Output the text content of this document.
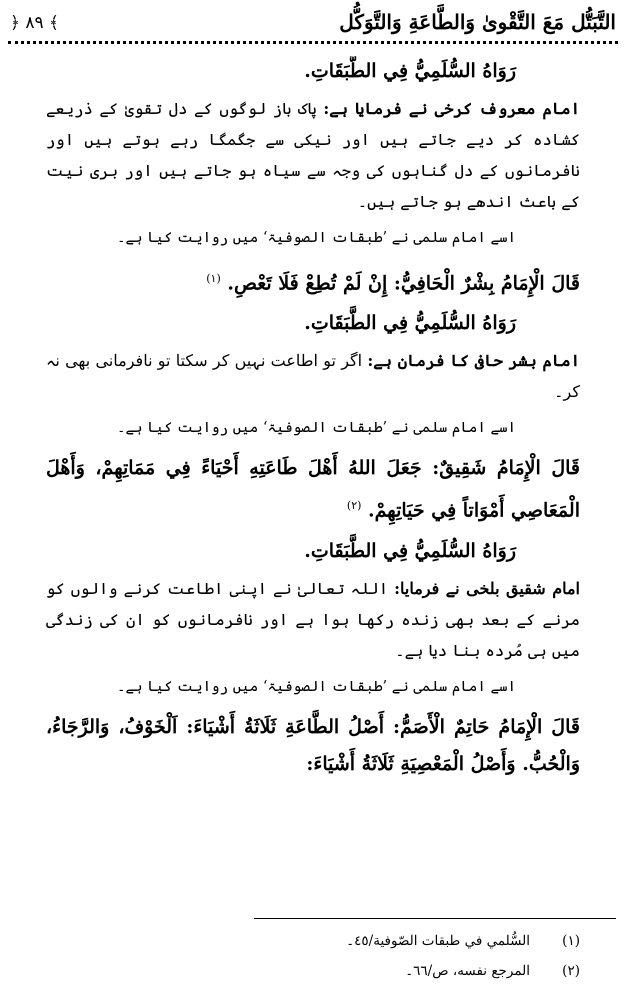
التَّبَتُّل مَعَ التَّقْوىٰ وَالطَّاعَةِ وَالتَّوَكُّل
﴾ ٨٩ ﴿

رَوَاهُ السُّلَمِيُّ فِي الطَّبَقَاتِ.

امام معروف کرخی نے فرمایا ہے: پاک باز لوگوں کے دل تقویٰ کے ذریعے کشادہ کر دیے جاتے ہیں اور نیکی سے جگمگا رہے ہوتے ہیں اور نافرمانوں کے دل گناہوں کی وجہ سے سیاہ ہو جاتے ہیں اور بری نیت کے باعث اندھے ہو جاتے ہیں۔

اسے امام سلمی نے ’طبقات الصوفیۃ‘ میں روایت کیا ہے۔

قَالَ الْإِمَامُ بِشْرٌ الْحَافِيُّ: إِنْ لَمْ تُطِعْ فَلَا تَعْصِ. $^{(١)}$

رَوَاهُ السُّلَمِيُّ فِي الطَّبَقَاتِ.

امام بشر حافی کا فرمان ہے: اگر تو اطاعت نہیں کر سکتا تو نافرمانی بھی نہ کر۔

اسے امام سلمی نے ’طبقات الصوفیۃ‘ میں روایت کیا ہے۔

قَالَ الْإِمَامُ شَقِيقٌ: جَعَلَ اللهُ أَهْلَ طَاعَتِهِ أَحْيَاءً فِي مَمَاتِهِمْ، وَأَهْلَ الْمَعَاصِي أَمْوَاتاً فِي حَيَاتِهِمْ. $^{(٢)}$

رَوَاهُ السُّلَمِيُّ فِي الطَّبَقَاتِ.

امام شقیق بلخی نے فرمایا: اللہ تعالیٰ نے اپنی اطاعت کرنے والوں کو مرنے کے بعد بھی زندہ رکھا ہوا ہے اور نافرمانوں کو ان کی زندگی میں ہی مُردہ بنا دیا ہے۔

اسے امام سلمی نے ’طبقات الصوفیۃ‘ میں روایت کیا ہے۔

قَالَ الْإِمَامُ حَاتِمٌ الْأَصَمُّ: أَصْلُ الطَّاعَةِ ثَلَاثَةُ أَشْيَاءَ: اَلْخَوْفُ، وَالرَّجَاءُ، وَالْحُبُّ. وَأَصْلُ الْمَعْصِيَةِ ثَلَاثَةُ أَشْيَاءَ:

(١)
السُّلمي في طبقات الصّوفية/٤٥۔
(٢)
المرجع نفسه، ص/٦٦۔
